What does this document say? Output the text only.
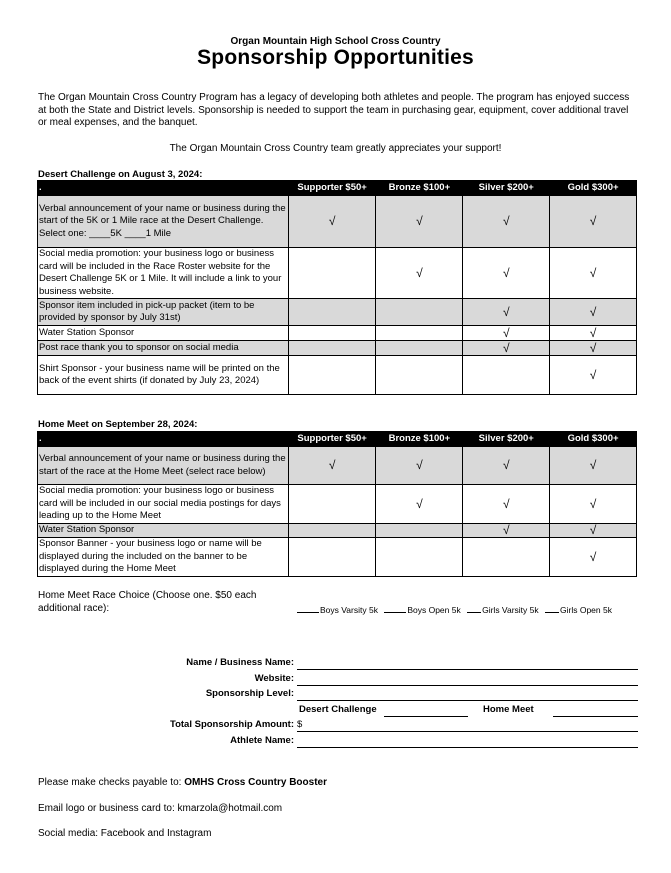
Organ Mountain High School Cross Country
Sponsorship Opportunities
The Organ Mountain Cross Country Program has a legacy of developing both athletes and people. The program has enjoyed success at both the State and District levels. Sponsorship is needed to support the team in purchasing gear, equipment, cover additional travel or meal expenses, and the banquet.
The Organ Mountain Cross Country team greatly appreciates your support!
Desert Challenge on August 3, 2024:
.	Supporter $50+	Bronze $100+	Silver $200+	Gold $300+
Verbal announcement of your name or business during the start of the 5K or 1 Mile race at the Desert Challenge. Select one: ____5K ____1 Mile	√	√	√	√
Social media promotion: your business logo or business card will be included in the Race Roster website for the Desert Challenge 5K or 1 Mile. It will include a link to your business website.		√	√	√
Sponsor item included in pick-up packet (item to be provided by sponsor by July 31st)			√	√
Water Station Sponsor			√	√
Post race thank you to sponsor on social media			√	√
Shirt Sponsor - your business name will be printed on the back of the event shirts (if donated by July 23, 2024)				√
Home Meet on September 28, 2024:
.	Supporter $50+	Bronze $100+	Silver $200+	Gold $300+
Verbal announcement of your name or business during the start of the race at the Home Meet (select race below)	√	√	√	√
Social media promotion: your business logo or business card will be included in our social media postings for days leading up to the Home Meet		√	√	√
Water Station Sponsor			√	√
Sponsor Banner - your business logo or name will be displayed during the included on the banner to be displayed during the Home Meet				√
Home Meet Race Choice (Choose one. $50 each additional race):	Boys Varsity 5k	Boys Open 5k	Girls Varsity 5k	Girls Open 5k
Name / Business Name:
Website:
Sponsorship Level:
Desert Challenge	Home Meet
Total Sponsorship Amount: $
Athlete Name:
Please make checks payable to: OMHS Cross Country Booster
Email logo or business card to: kmarzola@hotmail.com
Social media: Facebook and Instagram
